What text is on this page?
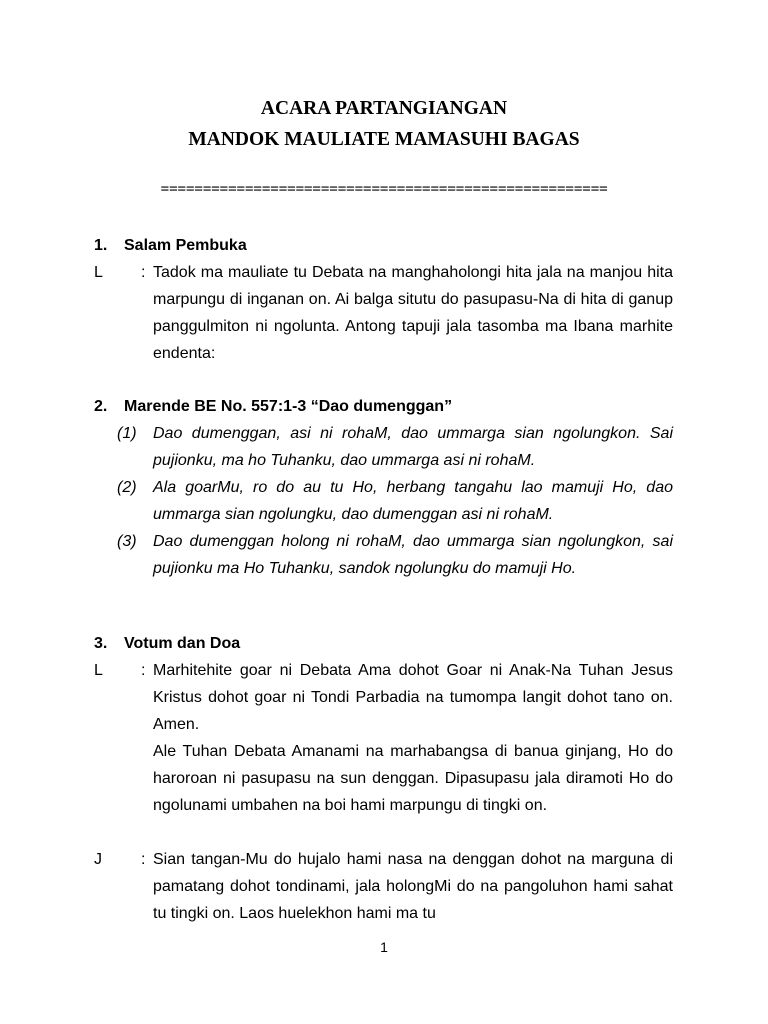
ACARA PARTANGIANGAN
MANDOK MAULIATE MAMASUHI BAGAS
=====================================================
1. Salam Pembuka
L : Tadok ma mauliate tu Debata na manghaholongi hita jala na manjou hita marpungu di inganan on. Ai balga situtu do pasupasu-Na di hita di ganup panggulmiton ni ngolunta. Antong tapuji jala tasomba ma Ibana marhite endenta:
2. Marende BE No. 557:1-3 “Dao dumenggan”
(1) Dao dumenggan, asi ni rohaM, dao ummarga sian ngolungkon. Sai pujionku, ma ho Tuhanku, dao ummarga asi ni rohaM.
(2) Ala goarMu, ro do au tu Ho, herbang tangahu lao mamuji Ho, dao ummarga sian ngolungku, dao dumenggan asi ni rohaM.
(3) Dao dumenggan holong ni rohaM, dao ummarga sian ngolungkon, sai pujionku ma Ho Tuhanku, sandok ngolungku do mamuji Ho.
3. Votum dan Doa
L : Marhitehite goar ni Debata Ama dohot Goar ni Anak-Na Tuhan Jesus Kristus dohot goar ni Tondi Parbadia na tumompa langit dohot tano on. Amen.

Ale Tuhan Debata Amanami na marhabangsa di banua ginjang, Ho do haroroan ni pasupasu na sun denggan. Dipasupasu jala diramoti Ho do ngolunami umbahen na boi hami marpungu di tingki on.

J : Sian tangan-Mu do hujalo hami nasa na denggan dohot na marguna di pamatang dohot tondinami, jala holongMi do na pangoluhon hami sahat tu tingki on. Laos huelekhon hami ma tu
1
